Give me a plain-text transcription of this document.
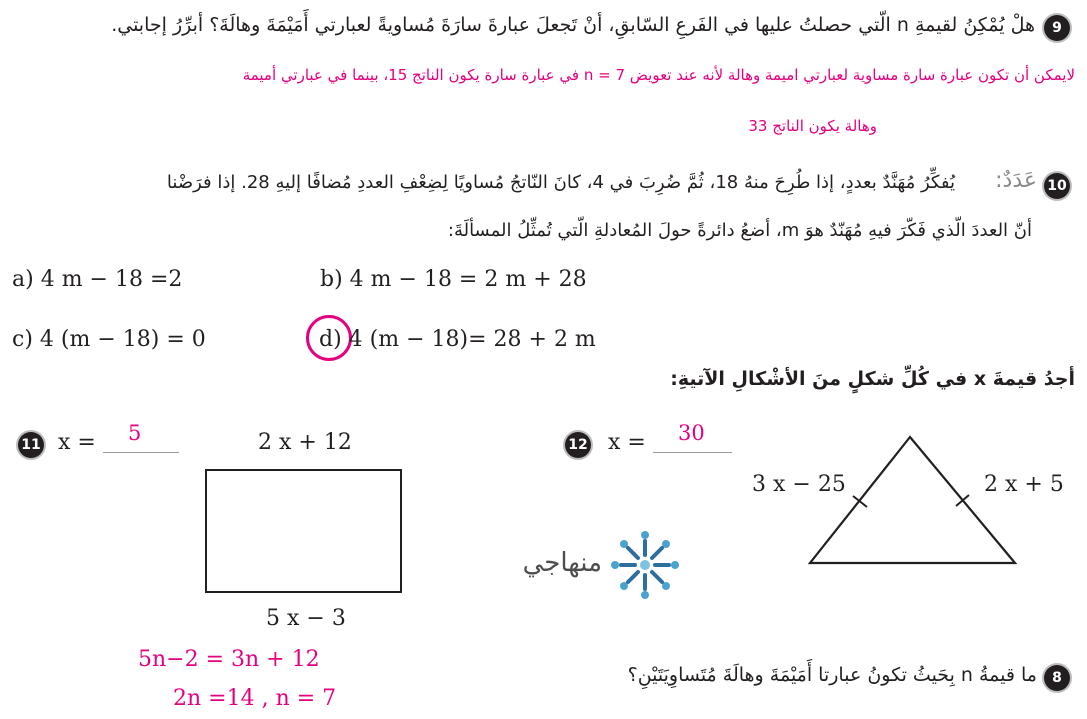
9
هلْ يُمْكِنُ لقيمةِ n الّتي حصلتُ عليها في الفَرعِ السّابقِ، أنْ تَجعلَ عبارةَ سارَةَ مُساويةً لعبارتي أَمَيْمَةَ وهالَةَ؟ أبرِّرُ إجابتي.
لايمكن أن تكون عبارة سارة مساوية لعبارتي اميمة وهالة لأنه عند تعويض n = 7 في عبارة سارة يكون الناتج 15، بينما في عبارتي أميمة
وهالة يكون الناتج 33
10
عَدَدٌ:
يُفكِّرُ مُهَنَّدٌ بعددٍ، إذا طُرِحَ منهُ 18، ثُمَّ ضُرِبَ في 4، كانَ النّاتجُ مُساويًا لِضِعْفِ العددِ مُضافًا إليهِ 28. إذا فرَضْنا
أنّ العددَ الّذي فَكّرَ فيهِ مُهَنّدٌ هوَ m، أضعُ دائرةً حولَ المُعادلةِ الّتي تُمثِّلُ المسألَةَ:
a) 4 m − 18 =2	b) 4 m − 18 = 2 m + 28
c) 4 (m − 18) = 0	d) 4 (m − 18)= 28 + 2 m
أجدُ قيمةَ x في كُلِّ شكلٍ منَ الأشْكالِ الآتيةِ:
11 x = 5	2 x + 12
5 x − 3
5n−2 = 3n + 12
2n =14 , n = 7
منهاجي
12 x = 30
3 x − 25	2 x + 5
8
ما قيمةُ n بِحَيثُ تكونُ عبارتا أَمَيْمَةَ وهالَةَ مُتَساوِيَتَيْنِ؟
